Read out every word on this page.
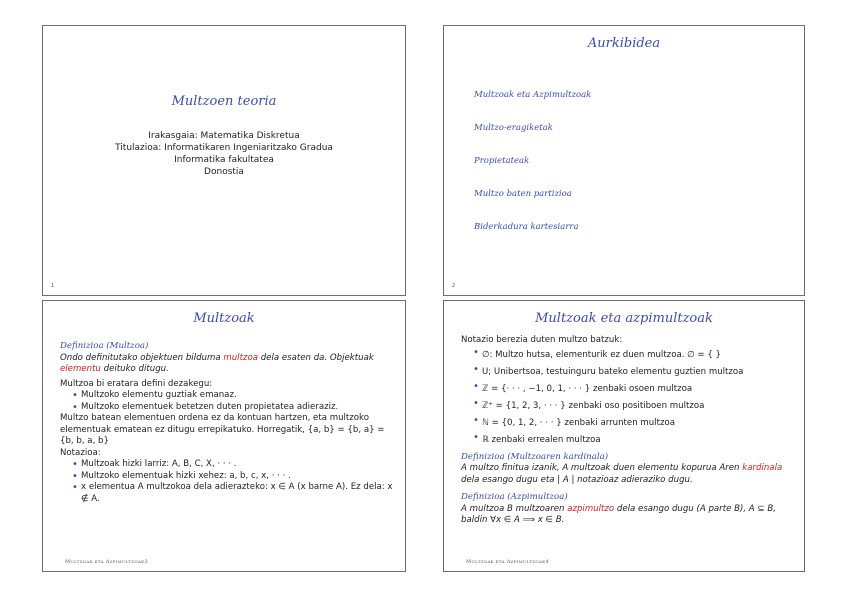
Multzoen teoria
Irakasgaia: Matematika Diskretua
Titulazioa: Informatikaren Ingeniaritzako Gradua
Informatika fakultatea
Donostia
1
Aurkibidea
Multzoak eta Azpimultzoak
Multzo-eragiketak
Propietateak
Multzo baten partizioa
Biderkadura kartesiarra
2
Multzoak
Definizioa (Multzoa)
Ondo definitutako objektuen bilduma multzoa dela esaten da. Objektuak elementu deituko ditugu.
Multzoa bi eratara defini dezakegu:
• Multzoko elementu guztiak emanaz.
• Multzoko elementuek betetzen duten propietatea adieraziz.
Multzo batean elementuen ordena ez da kontuan hartzen, eta multzoko elementuak ematean ez ditugu errepikatuko. Horregatik, {a, b} = {b, a} = {b, b, a, b}
Notazioa:
• Multzoak hizki larriz: A, B, C, X, · · · .
• Multzoko elementuak hizki xehez: a, b, c, x, · · · .
• x elementua A multzokoa dela adierazteko: x ∈ A (x barne A). Ez dela: x ∉ A.
Multzoak eta Azpimultzoak3
Multzoak eta azpimultzoak
Notazio berezia duten multzo batzuk:
• ∅: Multzo hutsa, elementurik ez duen multzoa. ∅ = { }
• U; Unibertsoa, testuinguru bateko elementu guztien multzoa
• ℤ = {· · · , −1, 0, 1, · · · } zenbaki osoen multzoa
• ℤ⁺ = {1, 2, 3, · · · } zenbaki oso positiboen multzoa
• ℕ = {0, 1, 2, · · · } zenbaki arrunten multzoa
• ℝ zenbaki errealen multzoa
Definizioa (Multzoaren kardinala)
A multzo finitua izanik, A multzoak duen elementu kopurua Aren kardinala dela esango dugu eta | A | notazioaz adieraziko dugu.
Definizioa (Azpimultzoa)
A multzoa B multzoaren azpimultzo dela esango dugu (A parte B), A ⊆ B, baldin ∀x ∈ A ⟹ x ∈ B.
Multzoak eta Azpimultzoak4
